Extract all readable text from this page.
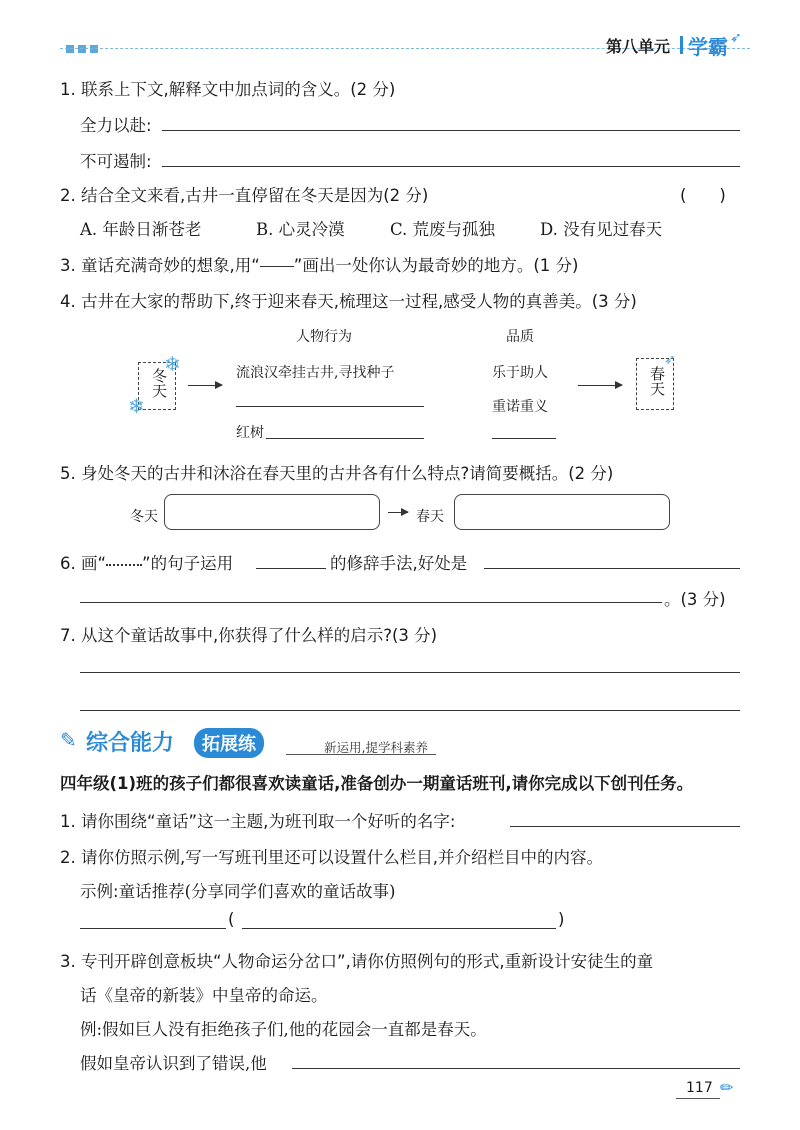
第八单元 学霸 ➶
1. 联系上下文,解释文中加点词的含义。(2 分)
全力以赴:
不可遏制:
2. 结合全文来看,古井一直停留在冬天是因为(2 分)	(　　)
A. 年龄日渐苍老	B. 心灵冷漠	C. 荒废与孤独	D. 没有见过春天
3. 童话充满奇妙的想象,用“ ”画出一处你认为最奇妙的地方。(1 分)
4. 古井在大家的帮助下,终于迎来春天,梳理这一过程,感受人物的真善美。(3 分)
人物行为	品质
冬天
❄
❄
流浪汉牵挂古井,寻找种子
红树
乐于助人
重诺重义
春天
➶
5. 身处冬天的古井和沐浴在春天里的古井各有什么特点?请简要概括。(2 分)
冬天	春天
6. 画“ ”的句子运用	的修辞手法,好处是
。(3 分)
7. 从这个童话故事中,你获得了什么样的启示?(3 分)
✎ 综合能力	拓展练	新运用,提学科素养
四年级(1)班的孩子们都很喜欢读童话,准备创办一期童话班刊,请你完成以下创刊任务。
1. 请你围绕“童话”这一主题,为班刊取一个好听的名字:
2. 请你仿照示例,写一写班刊里还可以设置什么栏目,并介绍栏目中的内容。
示例:童话推荐(分享同学们喜欢的童话故事)
(	)
3. 专刊开辟创意板块“人物命运分岔口”,请你仿照例句的形式,重新设计安徒生的童
话《皇帝的新装》中皇帝的命运。
例:假如巨人没有拒绝孩子们,他的花园会一直都是春天。
假如皇帝认识到了错误,他
117 ✏
